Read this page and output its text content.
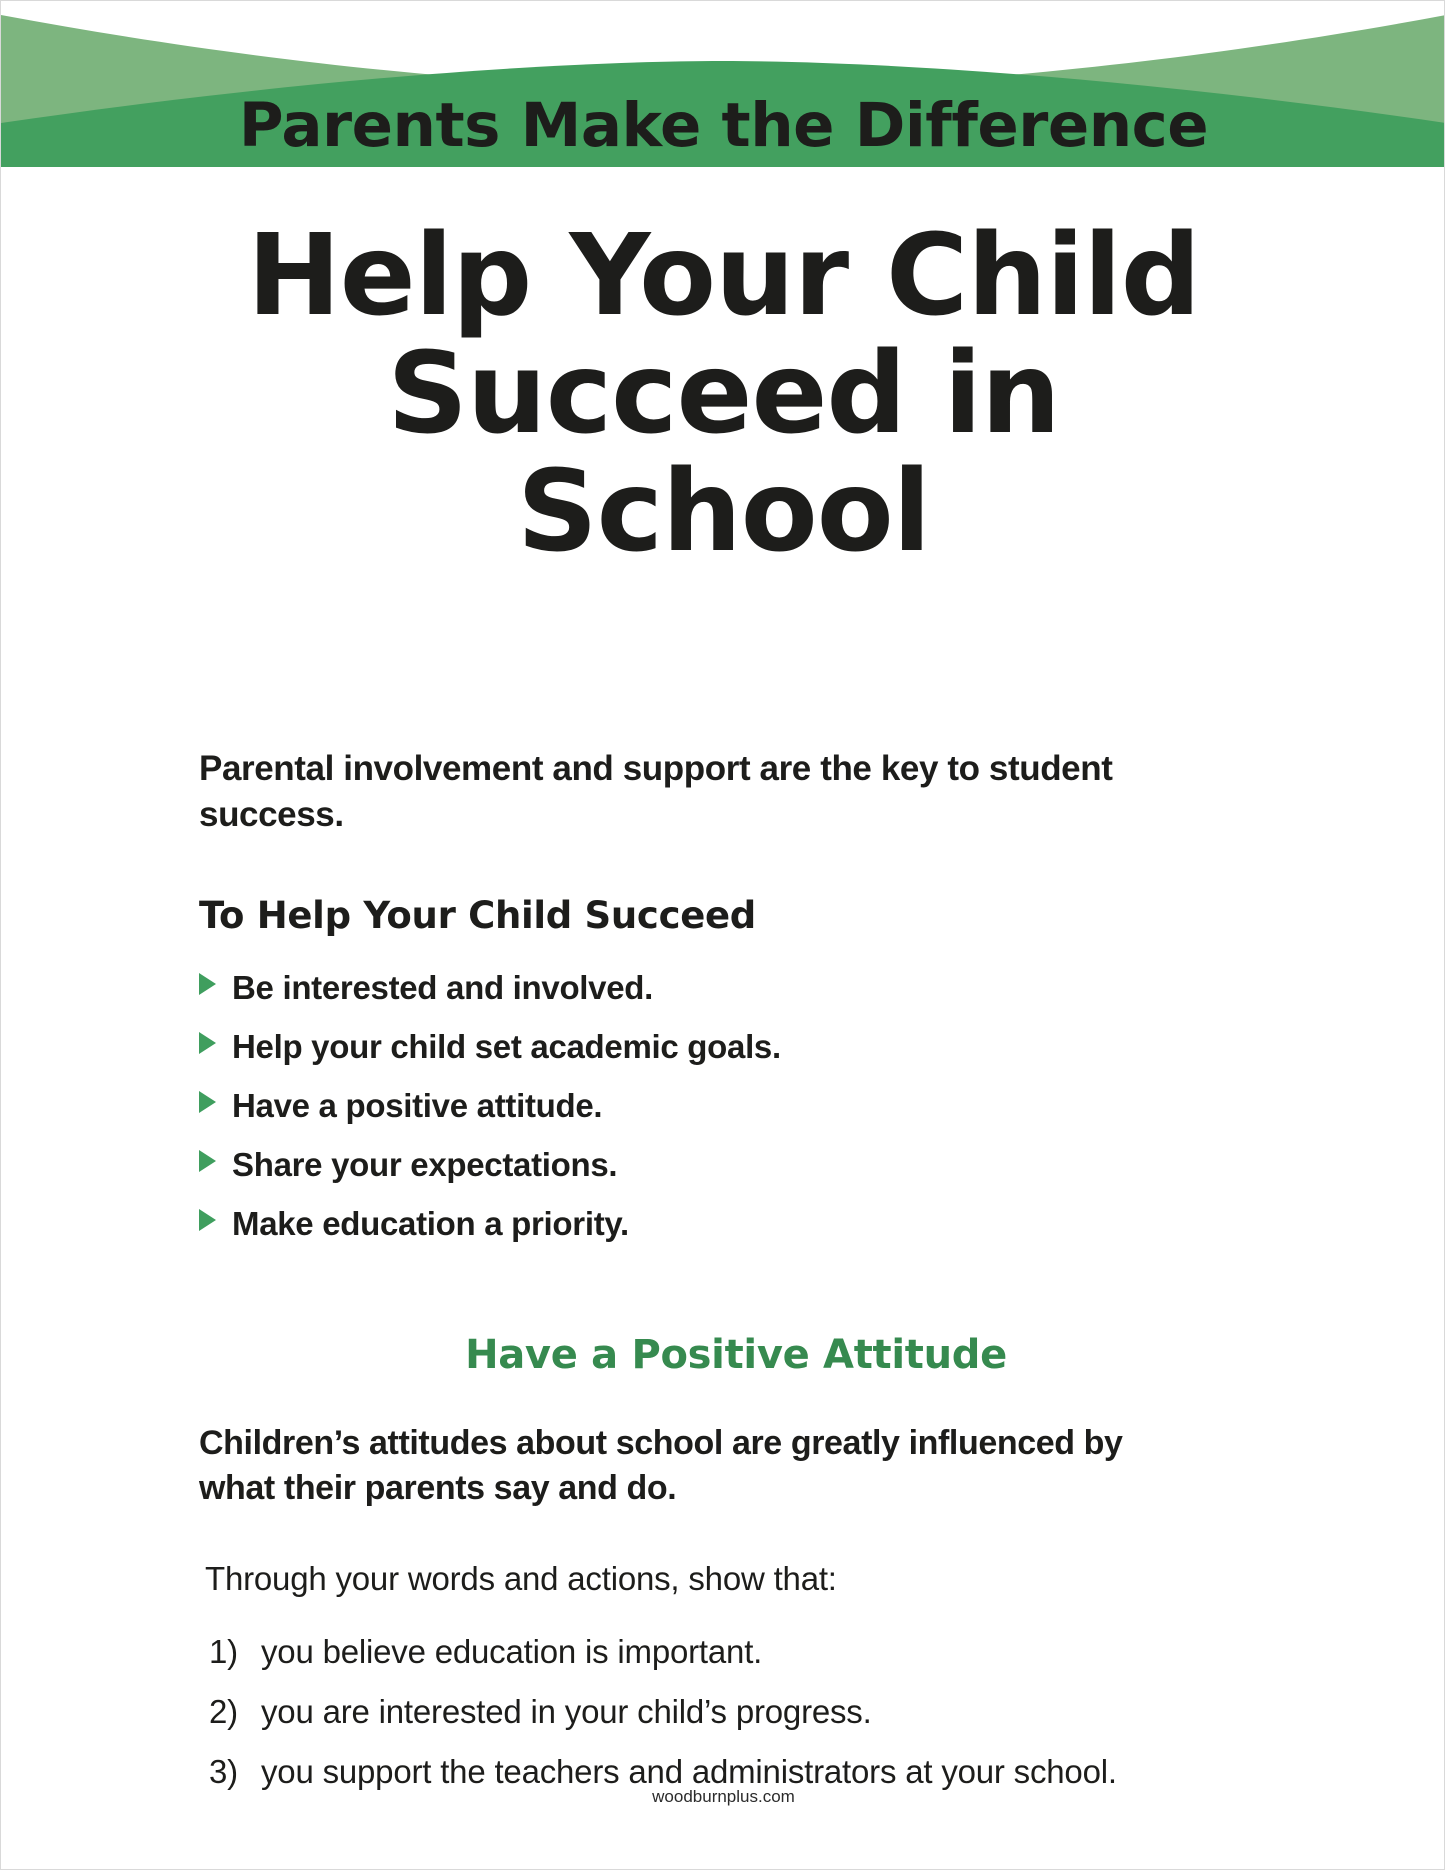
Parents Make the Difference
Help Your Child
Succeed in
School

Parental involvement and support are the key to student success.

To Help Your Child Succeed
Be interested and involved.
Help your child set academic goals.
Have a positive attitude.
Share your expectations.
Make education a priority.
Have a Positive Attitude

Children’s attitudes about school are greatly influenced by what their parents say and do.

Through your words and actions, show that:

1) you believe education is important.
2) you are interested in your child’s progress.
3) you support the teachers and administrators at your school.
woodburnplus.com
